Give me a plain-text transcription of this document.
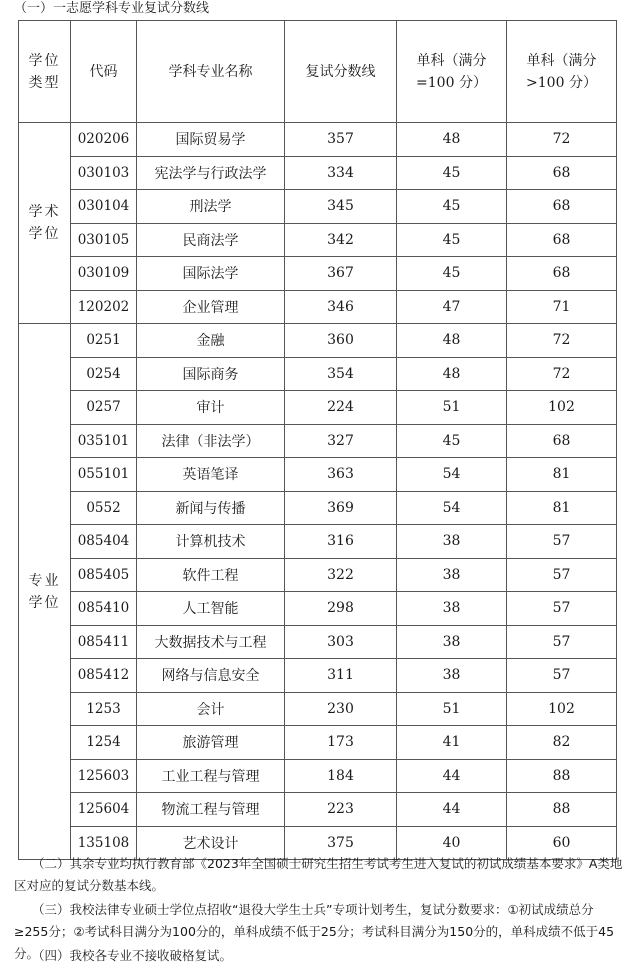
（一）一志愿学科专业复试分数线
学位类型	代码	学科专业名称	复试分数线	单科（满分=100 分）	单科（满分>100 分）
学术学位	020206	国际贸易学	357	48	72
	030103	宪法学与行政法学	334	45	68
	030104	刑法学	345	45	68
	030105	民商法学	342	45	68
	030109	国际法学	367	45	68
	120202	企业管理	346	47	71
专业学位	0251	金融	360	48	72
	0254	国际商务	354	48	72
	0257	审计	224	51	102
	035101	法律（非法学）	327	45	68
	055101	英语笔译	363	54	81
	0552	新闻与传播	369	54	81
	085404	计算机技术	316	38	57
	085405	软件工程	322	38	57
	085410	人工智能	298	38	57
	085411	大数据技术与工程	303	38	57
	085412	网络与信息安全	311	38	57
	1253	会计	230	51	102
	1254	旅游管理	173	41	82
	125603	工业工程与管理	184	44	88
	125604	物流工程与管理	223	44	88
	135108	艺术设计	375	40	60
（二）其余专业均执行教育部《2023年全国硕士研究生招生考试考生进入复试的初试成绩基本要求》A类地区对应的复试分数基本线。
（三）我校法律专业硕士学位点招收“退役大学生士兵”专项计划考生，复试分数要求：①初试成绩总分≥255分；②考试科目满分为100分的，单科成绩不低于25分；考试科目满分为150分的，单科成绩不低于45分。
（四）我校各专业不接收破格复试。
